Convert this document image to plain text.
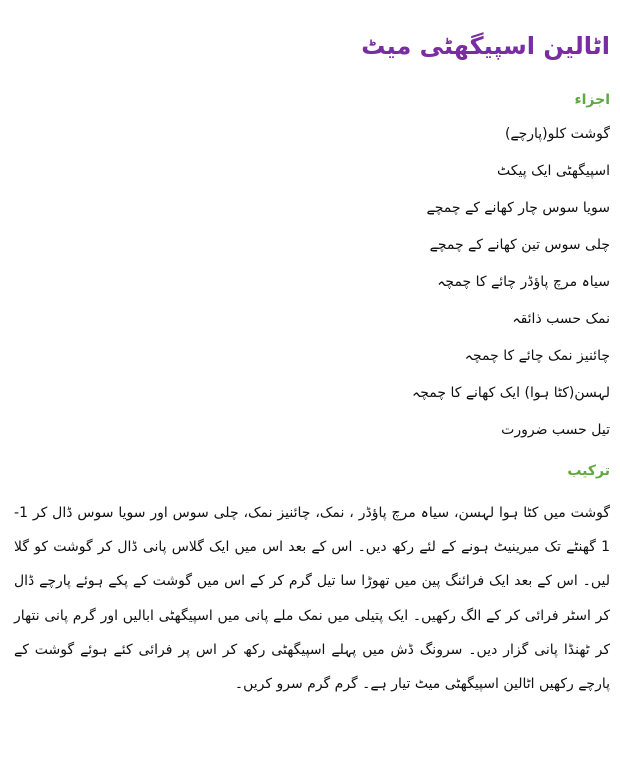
اٹالین اسپیگھٹی میٹ
اجزاء
گوشت کلو(پارچے)
اسپیگھٹی ایک پیکٹ
سویا سوس چار کھانے کے چمچے
چلی سوس تین کھانے کے چمچے
سیاہ مرچ پاؤڈر چائے کا چمچہ
نمک حسب ذائقہ
چائنیز نمک چائے کا چمچہ
لہسن(کٹا ہوا) ایک کھانے کا چمچہ
تیل حسب ضرورت
ترکیب

گوشت میں کٹا ہوا لہسن، سیاہ مرچ پاؤڈر ، نمک، چائنیز نمک، چلی سوس اور سویا سوس ڈال کر 1-1 گھنٹے تک میرینیٹ ہونے کے لئے رکھ دیں۔ اس کے بعد اس میں ایک گلاس پانی ڈال کر گوشت کو گلا لیں۔ اس کے بعد ایک فرائنگ پین میں تھوڑا سا تیل گرم کر کے اس میں گوشت کے پکے ہوئے پارچے ڈال کر اسٹر فرائی کر کے الگ رکھیں۔ ایک پتیلی میں نمک ملے پانی میں اسپیگھٹی ابالیں اور گرم پانی نتھار کر ٹھنڈا پانی گزار دیں۔ سرونگ ڈش میں پہلے اسپیگھٹی رکھ کر اس پر فرائی کئے ہوئے گوشت کے پارچے رکھیں اٹالین اسپیگھٹی میٹ تیار ہے۔ گرم گرم سرو کریں۔
